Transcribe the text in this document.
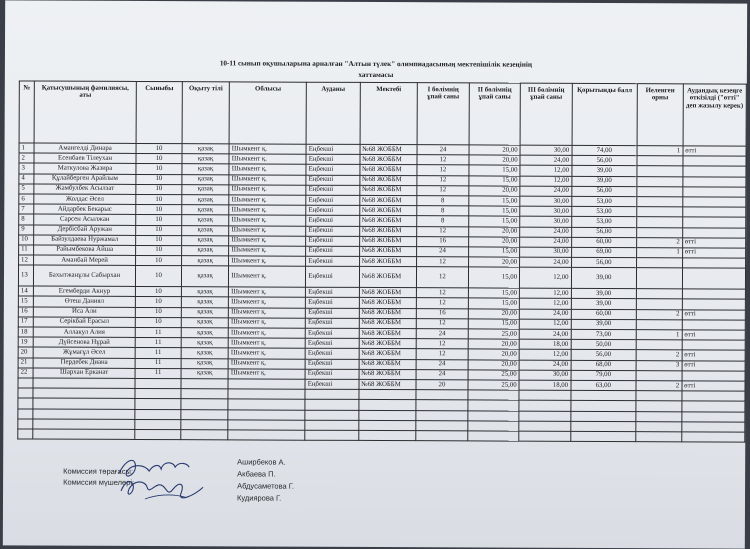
10-11 сынып оқушыларына арналған "Алтын түлек" олимпиадасының мектепішілік кезеңінің
хаттамасы
№	Қатысушының фамилиясы, аты	Сыныбы	Оқыту тілі	Облысы	Ауданы	Мектебі	І бөлімнің ұпай саны	ІІ бөлімнің ұпай саны	ІІІ бөлімнің ұпай саны	Қорытынды балл	Иеленген орны	Аудандық кезеңге өткізілді ("өтті" деп жазылу керек)
1	Амангелді Динара	10	қазақ	Шымкент қ.	Еңбекші	№68 ЖОББМ	24	20,00	30,00	74,00	1	өтті
2	Есенбаев Тілеухан	10	қазақ	Шымкент қ.	Еңбекші	№68 ЖОББМ	12	20,00	24,00	56,00		
3	Маткулова Жазира	10	қазақ	Шымкент қ.	Еңбекші	№68 ЖОББМ	12	15,00	12,00	39,00		
4	Құлайберген Арайлым	10	қазақ	Шымкент қ.	Еңбекші	№68 ЖОББМ	12	15,00	12,00	39,00		
5	Жамбулбек Асылзат	10	қазақ	Шымкент қ.	Еңбекші	№68 ЖОББМ	12	20,00	24,00	56,00		
6	Жолдас Әсел	10	қазақ	Шымкент қ.	Еңбекші	№68 ЖОББМ	8	15,00	30,00	53,00		
7	Айдарбек Бекарыс	10	қазақ	Шымкент қ.	Еңбекші	№68 ЖОББМ	8	15,00	30,00	53,00		
8	Сарсен Асылжан	10	қазақ	Шымкент қ.	Еңбекші	№68 ЖОББМ	8	15,00	30,00	53,00		
9	Дербісбай Аружан	10	қазақ	Шымкент қ.	Еңбекші	№68 ЖОББМ	12	20,00	24,00	56,00		
10	Байзулдаева Нуржамал	10	қазақ	Шымкент қ.	Еңбекші	№68 ЖОББМ	16	20,00	24,00	60,00	2	өтті
11	Райымбекова Айша	10	қазақ	Шымкент қ.	Еңбекші	№68 ЖОББМ	24	15,00	30,00	69,00	1	өтті
12	Аманбай Мерей	10	қазақ	Шымкент қ.	Еңбекші	№68 ЖОББМ	12	20,00	24,00	56,00		
13	Бахытжанұлы Сабырхан	10	қазақ	Шымкент қ.	Еңбекші	№68 ЖОББМ	12	15,00	12,00	39,00		
14	Егемберди Акнур	10	қазақ	Шымкент қ.	Еңбекші	№68 ЖОББМ	12	15,00	12,00	39,00		
15	Өтеш Даниял	10	қазақ	Шымкент қ.	Еңбекші	№68 ЖОББМ	12	15,00	12,00	39,00		
16	Иса Али	10	қазақ	Шымкент қ.	Еңбекші	№68 ЖОББМ	16	20,00	24,00	60,00	2	өтті
17	Серікбай Ерасыл	10	қазақ	Шымкент қ.	Еңбекші	№68 ЖОББМ	12	15,00	12,00	39,00		
18	Аллакул Алия	11	қазақ	Шымкент қ.	Еңбекші	№68 ЖОББМ	24	25,00	24,00	73,00	1	өтті
19	Дүйсенова Нұрай	11	қазақ	Шымкент қ.	Еңбекші	№68 ЖОББМ	12	20,00	18,00	50,00		
20	Жұмағұл Әсел	11	қазақ	Шымкент қ.	Еңбекші	№68 ЖОББМ	12	20,00	12,00	56,00	2	өтті
21	Пердебек Диана	11	қазақ	Шымкент қ.	Еңбекші	№68 ЖОББМ	24	20,00	24,00	68,00	3	өтті
22	Шархан Ерканат	11	қазақ	Шымкент қ.	Еңбекші	№68 ЖОББМ	24	25,00	30,00	79,00		
					Еңбекші	№68 ЖОББМ	20	25,00	18,00	63,00	2	өтті

Комиссия төрағасы:
Комиссия мүшелері:
Аширбеков А.
Акбаева П.
Абдусаметова Г.
Кудиярова Г.
